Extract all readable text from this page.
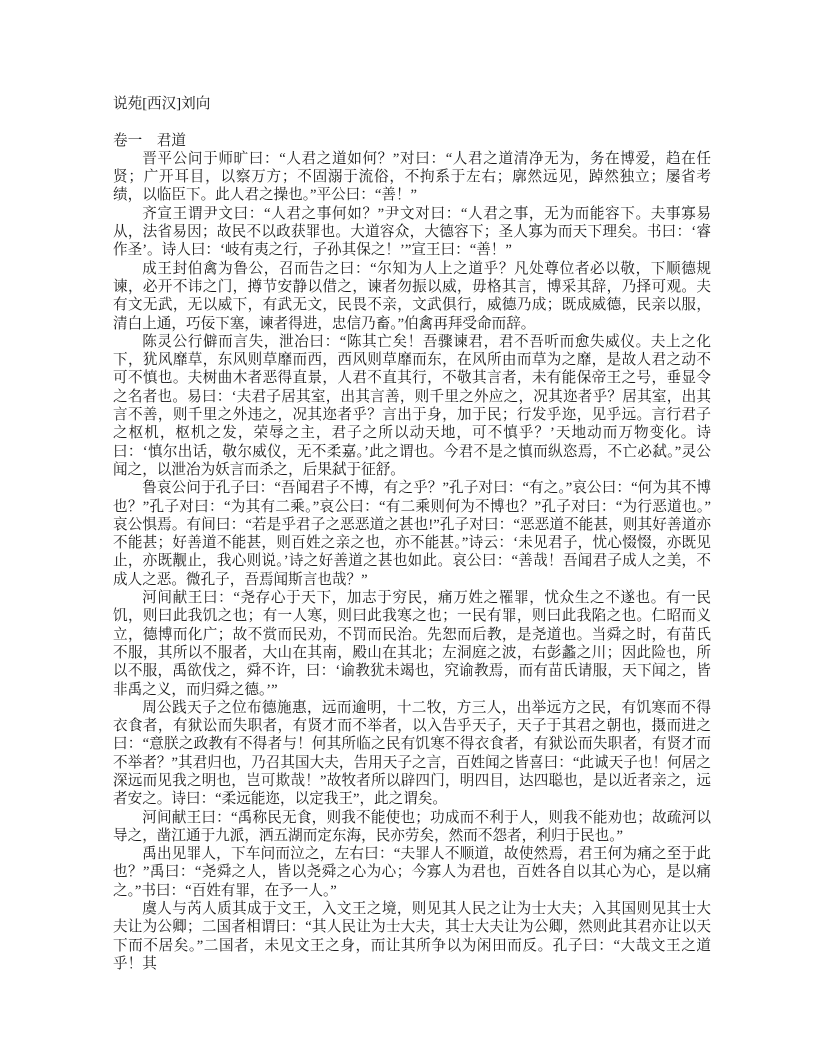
说苑[西汉]刘向

卷一　君道

晋平公问于师旷曰：“人君之道如何？”对曰：“人君之道清净无为，务在博爱，趋在任贤；广开耳目，以察万方；不固溺于流俗，不拘系于左右；廓然远见，踔然独立；屡省考绩，以临臣下。此人君之操也。”平公曰：“善！”

齐宣王谓尹文曰：“人君之事何如？”尹文对曰：“人君之事，无为而能容下。夫事寡易从，法省易因；故民不以政获罪也。大道容众，大德容下；圣人寡为而天下理矣。书曰：‘睿作圣’。诗人曰：‘岐有夷之行，子孙其保之！’”宣王曰：“善！”

成王封伯禽为鲁公，召而告之曰：“尔知为人上之道乎？凡处尊位者必以敬，下顺德规谏，必开不讳之门，撙节安静以借之，谏者勿振以威，毋格其言，博采其辞，乃择可观。夫有文无武，无以威下，有武无文，民畏不亲，文武俱行，威德乃成；既成威德，民亲以服，清白上通，巧佞下塞，谏者得进，忠信乃畜。”伯禽再拜受命而辞。

陈灵公行僻而言失，泄冶曰：“陈其亡矣！吾骤谏君，君不吾听而愈失威仪。夫上之化下，犹风靡草，东风则草靡而西，西风则草靡而东，在风所由而草为之靡，是故人君之动不可不慎也。夫树曲木者恶得直景，人君不直其行，不敬其言者，未有能保帝王之号，垂显令之名者也。易曰：‘夫君子居其室，出其言善，则千里之外应之，况其迩者乎？居其室，出其言不善，则千里之外违之，况其迩者乎？言出于身，加于民；行发乎迩，见乎远。言行君子之枢机，枢机之发，荣辱之主，君子之所以动天地，可不慎乎？’天地动而万物变化。诗曰：‘慎尔出话，敬尔威仪，无不柔嘉。’此之谓也。今君不是之慎而纵恣焉，不亡必弑。”灵公闻之，以泄冶为妖言而杀之，后果弑于征舒。

鲁哀公问于孔子曰：“吾闻君子不博，有之乎？”孔子对曰：“有之。”哀公曰：“何为其不博也？”孔子对曰：“为其有二乘。”哀公曰：“有二乘则何为不博也？”孔子对曰：“为行恶道也。”哀公惧焉。有间曰：“若是乎君子之恶恶道之甚也!”孔子对曰：“恶恶道不能甚，则其好善道亦不能甚；好善道不能甚，则百姓之亲之也，亦不能甚。”诗云：‘未见君子，忧心惙惙，亦既见止，亦既觏止，我心则说。’诗之好善道之甚也如此。哀公曰：“善哉！吾闻君子成人之美，不成人之恶。微孔子，吾焉闻斯言也哉？”

河间献王曰：“尧存心于天下，加志于穷民，痛万姓之罹罪，忧众生之不遂也。有一民饥，则曰此我饥之也；有一人寒，则曰此我寒之也；一民有罪，则曰此我陷之也。仁昭而义立，德博而化广；故不赏而民劝，不罚而民治。先恕而后教，是尧道也。当舜之时，有苗氏不服，其所以不服者，大山在其南，殿山在其北；左洞庭之波，右彭蠡之川；因此险也，所以不服，禹欲伐之，舜不许，曰：‘谕教犹未竭也，究谕教焉，而有苗氏请服，天下闻之，皆非禹之义，而归舜之德。’”

周公践天子之位布德施惠，远而逾明，十二牧，方三人，出举远方之民，有饥寒而不得衣食者，有狱讼而失职者，有贤才而不举者，以入告乎天子，天子于其君之朝也，摄而进之曰：“意朕之政教有不得者与！何其所临之民有饥寒不得衣食者，有狱讼而失职者，有贤才而不举者？”其君归也，乃召其国大夫，告用天子之言，百姓闻之皆喜曰：“此诚天子也！何居之深远而见我之明也，岂可欺哉！”故牧者所以辟四门，明四目，达四聪也，是以近者亲之，远者安之。诗曰：“柔远能迩，以定我王”，此之谓矣。

河间献王曰：“禹称民无食，则我不能使也；功成而不利于人，则我不能劝也；故疏河以导之，凿江通于九派，洒五湖而定东海，民亦劳矣，然而不怨者，利归于民也。”

禹出见罪人，下车问而泣之，左右曰：“夫罪人不顺道，故使然焉，君王何为痛之至于此也？”禹曰：“尧舜之人，皆以尧舜之心为心；今寡人为君也，百姓各自以其心为心，是以痛之。”书曰：“百姓有罪，在予一人。”

虞人与芮人质其成于文王，入文王之境，则见其人民之让为士大夫；入其国则见其士大夫让为公卿；二国者相谓曰：“其人民让为士大夫，其士大夫让为公卿，然则此其君亦让以天下而不居矣。”二国者，未见文王之身，而让其所争以为闲田而反。孔子曰：“大哉文王之道乎！其
